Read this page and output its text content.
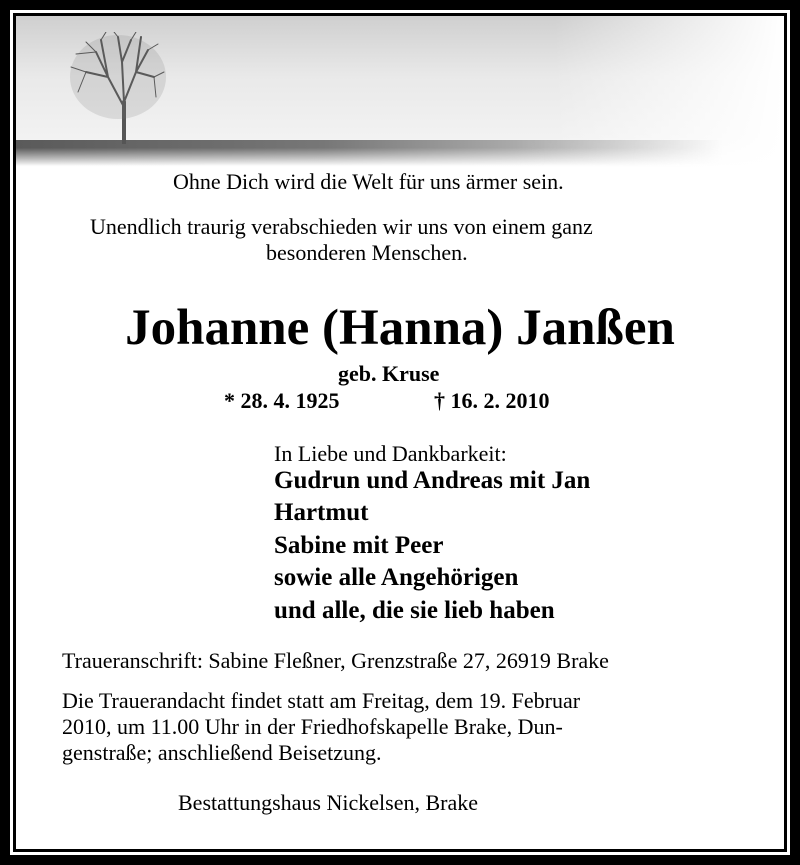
Ohne Dich wird die Welt für uns ärmer sein.
Unendlich traurig verabschieden wir uns von einem ganz
besonderen Menschen.
Johanne (Hanna) Janßen
geb. Kruse
* 28. 4. 1925	† 16. 2. 2010
In Liebe und Dankbarkeit:
Gudrun und Andreas mit Jan
Hartmut
Sabine mit Peer
sowie alle Angehörigen
und alle, die sie lieb haben
Traueranschrift: Sabine Fleßner, Grenzstraße 27, 26919 Brake
Die Trauerandacht findet statt am Freitag, dem 19. Februar
2010, um 11.00 Uhr in der Friedhofskapelle Brake, Dun-
genstraße; anschließend Beisetzung.
Bestattungshaus Nickelsen, Brake
